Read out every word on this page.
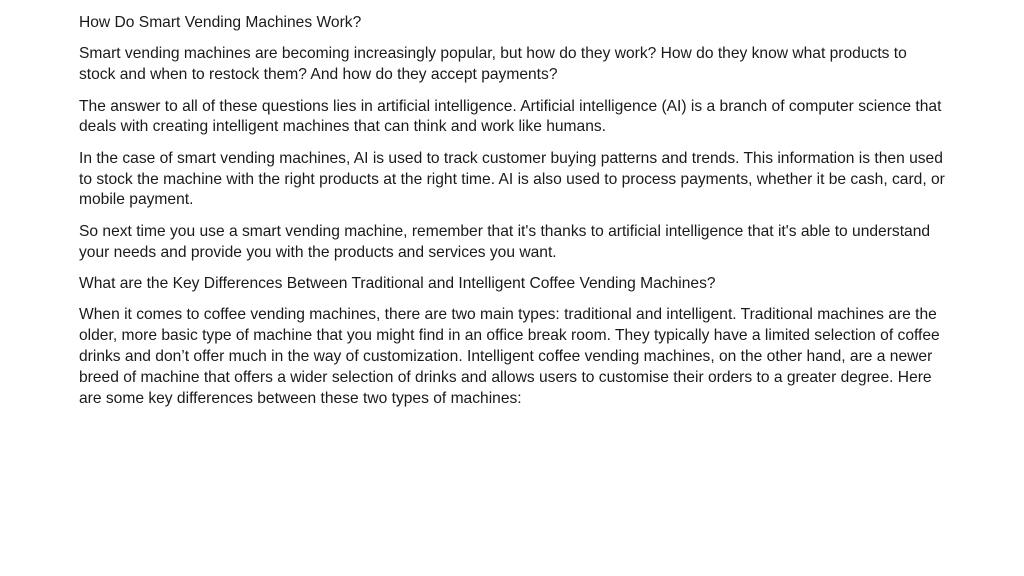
How Do Smart Vending Machines Work?

Smart vending machines are becoming increasingly popular, but how do they work? How do they know what products to stock and when to restock them? And how do they accept payments?

The answer to all of these questions lies in artificial intelligence. Artificial intelligence (AI) is a branch of computer science that deals with creating intelligent machines that can think and work like humans.

In the case of smart vending machines, AI is used to track customer buying patterns and trends. This information is then used to stock the machine with the right products at the right time. AI is also used to process payments, whether it be cash, card, or mobile payment.

So next time you use a smart vending machine, remember that it's thanks to artificial intelligence that it's able to understand your needs and provide you with the products and services you want.

What are the Key Differences Between Traditional and Intelligent Coffee Vending Machines?

When it comes to coffee vending machines, there are two main types: traditional and intelligent. Traditional machines are the older, more basic type of machine that you might find in an office break room. They typically have a limited selection of coffee drinks and don’t offer much in the way of customization. Intelligent coffee vending machines, on the other hand, are a newer breed of machine that offers a wider selection of drinks and allows users to customise their orders to a greater degree. Here are some key differences between these two types of machines:
